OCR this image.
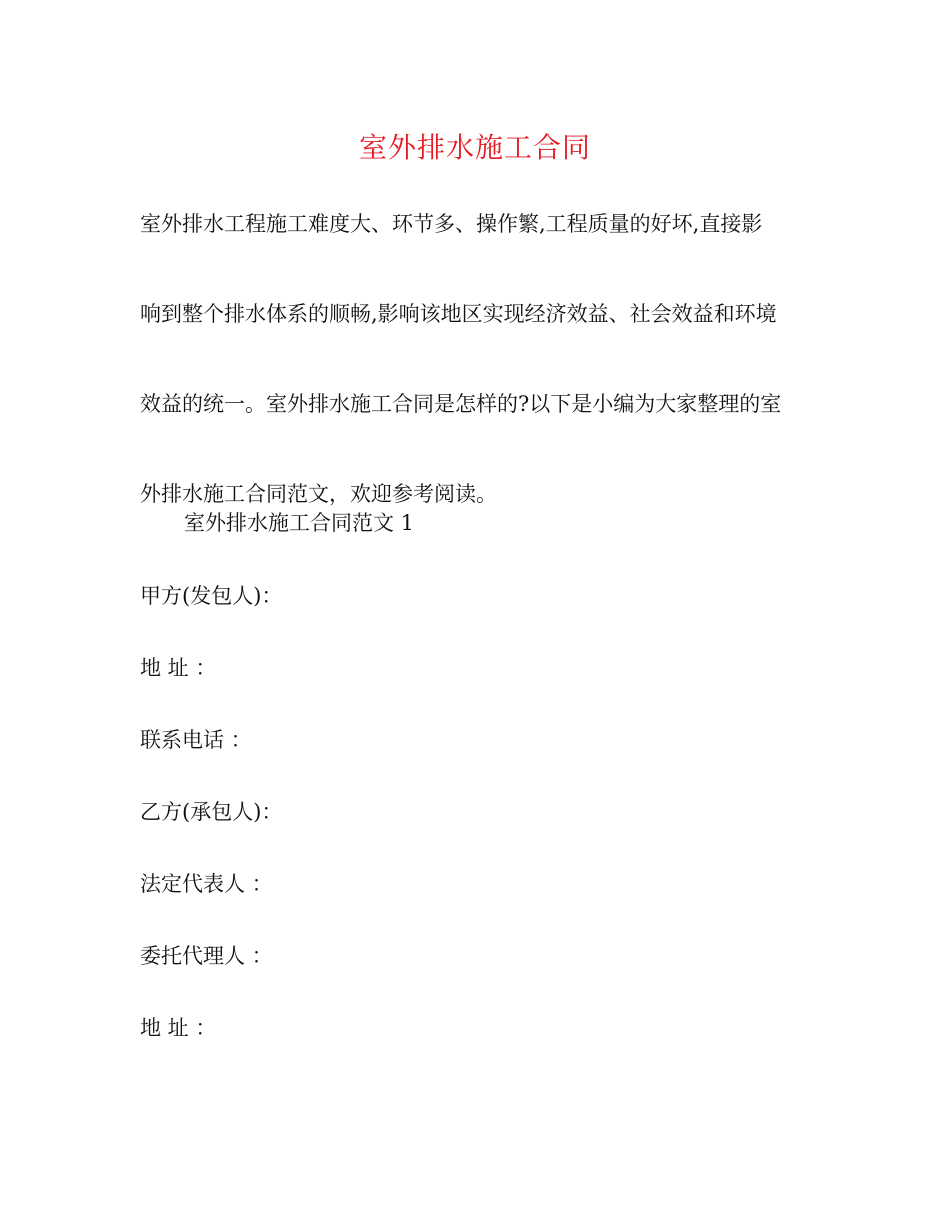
室外排水施工合同
室外排水工程施工难度大、环节多、操作繁,工程质量的好坏,直接影
响到整个排水体系的顺畅,影响该地区实现经济效益、社会效益和环境
效益的统一。室外排水施工合同是怎样的?以下是小编为大家整理的室
外排水施工合同范文，欢迎参考阅读。
室外排水施工合同范文 1
甲方(发包人)：
地 址 ：
联系电话 ：
乙方(承包人)：
法定代表人 ：
委托代理人 ：
地 址 ：
